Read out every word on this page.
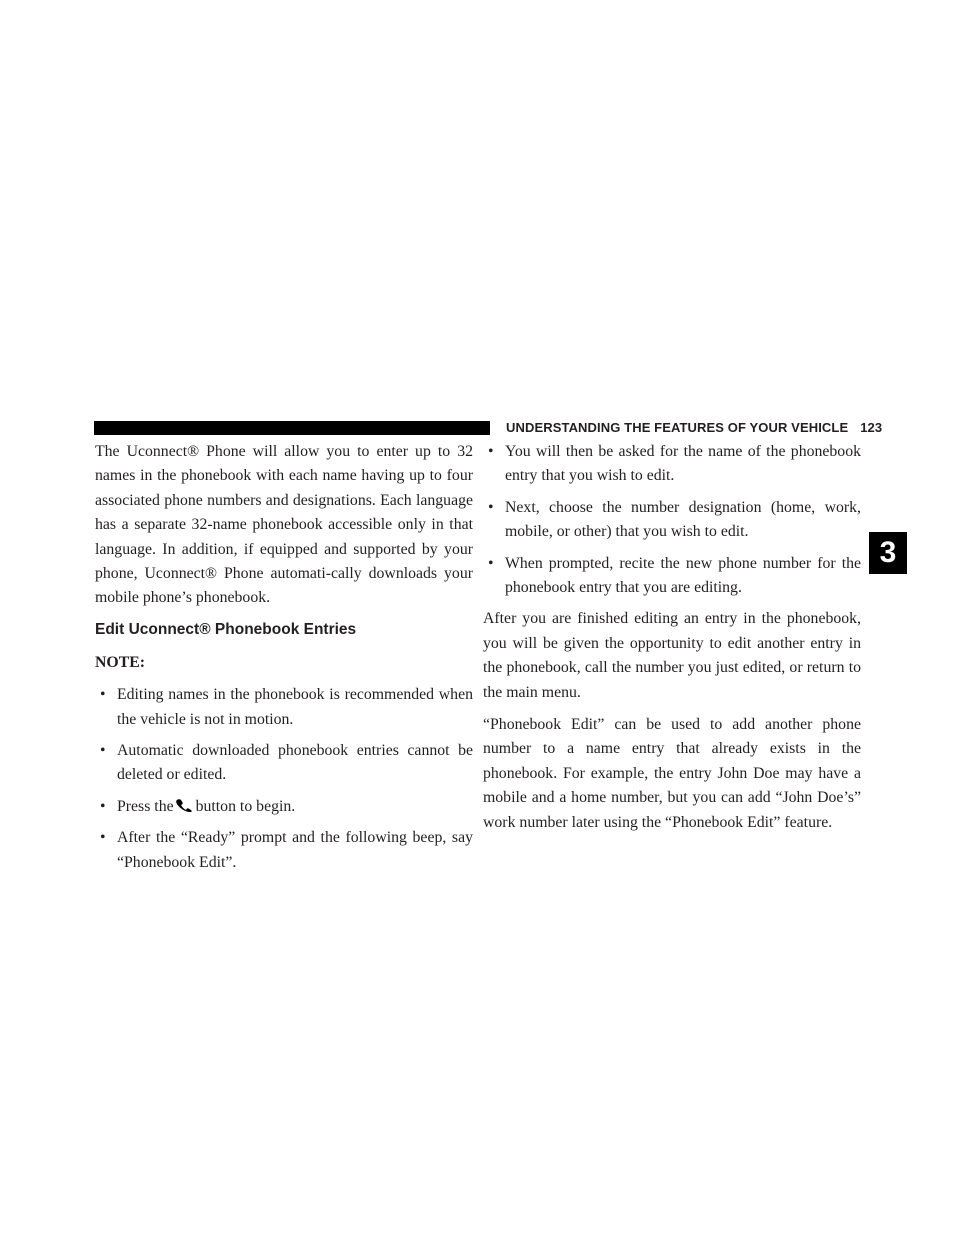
UNDERSTANDING THE FEATURES OF YOUR VEHICLE 123

The Uconnect® Phone will allow you to enter up to 32 names in the phonebook with each name having up to four associated phone numbers and designations. Each language has a separate 32-name phonebook accessible only in that language. In addition, if equipped and supported by your phone, Uconnect® Phone automati-cally downloads your mobile phone’s phonebook.

Edit Uconnect® Phonebook Entries
NOTE:
• Editing names in the phonebook is recommended when the vehicle is not in motion.
• Automatic downloaded phonebook entries cannot be deleted or edited.
• Press the button to begin.
• After the “Ready” prompt and the following beep, say “Phonebook Edit”.
• You will then be asked for the name of the phonebook entry that you wish to edit.
• Next, choose the number designation (home, work, mobile, or other) that you wish to edit.
• When prompted, recite the new phone number for the phonebook entry that you are editing.

After you are finished editing an entry in the phonebook, you will be given the opportunity to edit another entry in the phonebook, call the number you just edited, or return to the main menu.

“Phonebook Edit” can be used to add another phone number to a name entry that already exists in the phonebook. For example, the entry John Doe may have a mobile and a home number, but you can add “John Doe’s” work number later using the “Phonebook Edit” feature.

3
